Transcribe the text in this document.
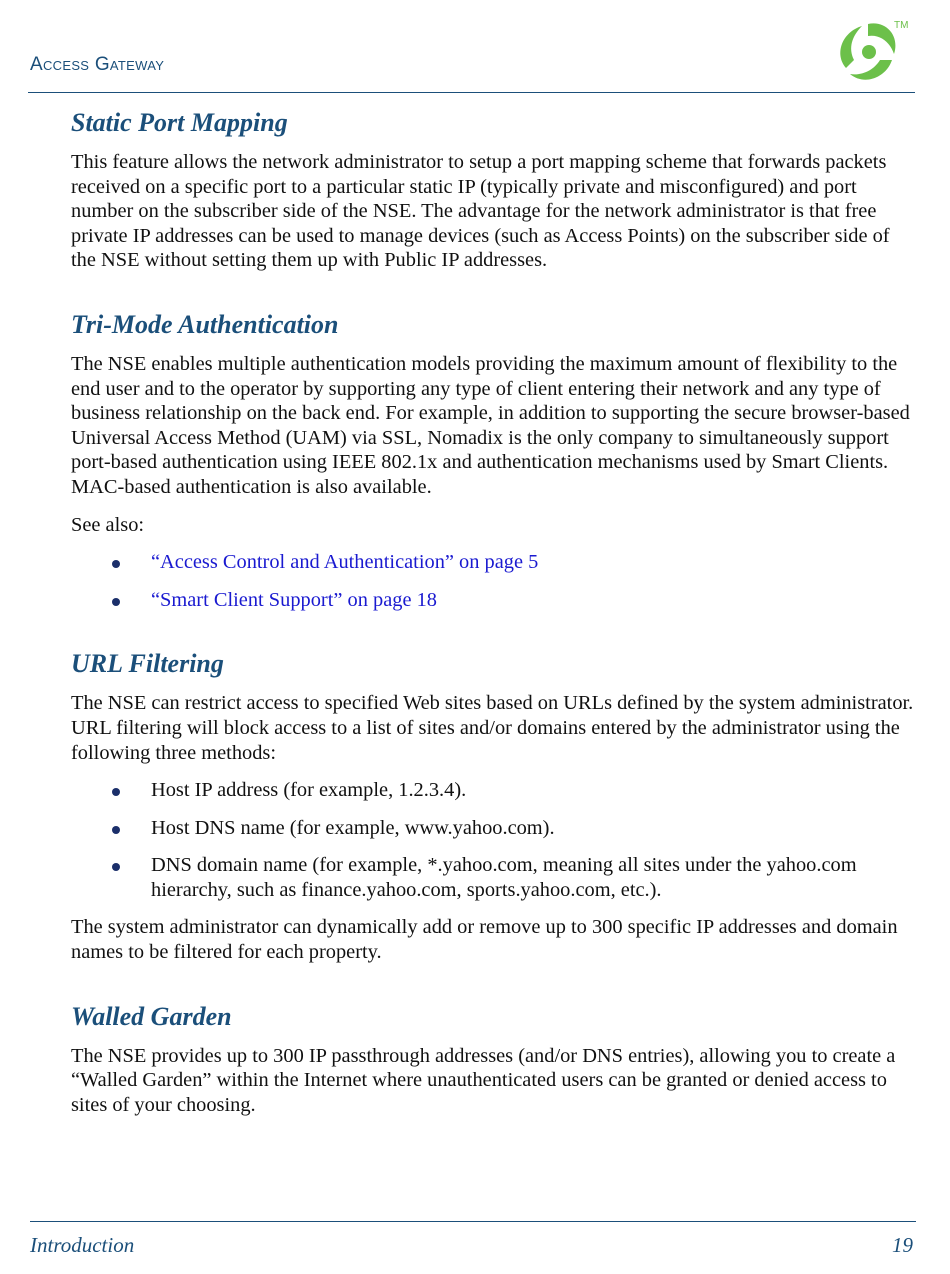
Access Gateway
TM
Static Port Mapping

This feature allows the network administrator to setup a port mapping scheme that forwards packets received on a specific port to a particular static IP (typically private and misconfigured) and port number on the subscriber side of the NSE. The advantage for the network administrator is that free private IP addresses can be used to manage devices (such as Access Points) on the subscriber side of the NSE without setting them up with Public IP addresses.

Tri-Mode Authentication

The NSE enables multiple authentication models providing the maximum amount of flexibility to the end user and to the operator by supporting any type of client entering their network and any type of business relationship on the back end. For example, in addition to supporting the secure browser-based Universal Access Method (UAM) via SSL, Nomadix is the only company to simultaneously support port-based authentication using IEEE 802.1x and authentication mechanisms used by Smart Clients. MAC-based authentication is also available.

See also:

“Access Control and Authentication” on page 5
“Smart Client Support” on page 18
URL Filtering

The NSE can restrict access to specified Web sites based on URLs defined by the system administrator. URL filtering will block access to a list of sites and/or domains entered by the administrator using the following three methods:

Host IP address (for example, 1.2.3.4).
Host DNS name (for example, www.yahoo.com).
DNS domain name (for example, *.yahoo.com, meaning all sites under the yahoo.com hierarchy, such as finance.yahoo.com, sports.yahoo.com, etc.).

The system administrator can dynamically add or remove up to 300 specific IP addresses and domain names to be filtered for each property.

Walled Garden

The NSE provides up to 300 IP passthrough addresses (and/or DNS entries), allowing you to create a “Walled Garden” within the Internet where unauthenticated users can be granted or denied access to sites of your choosing.

Introduction	19
